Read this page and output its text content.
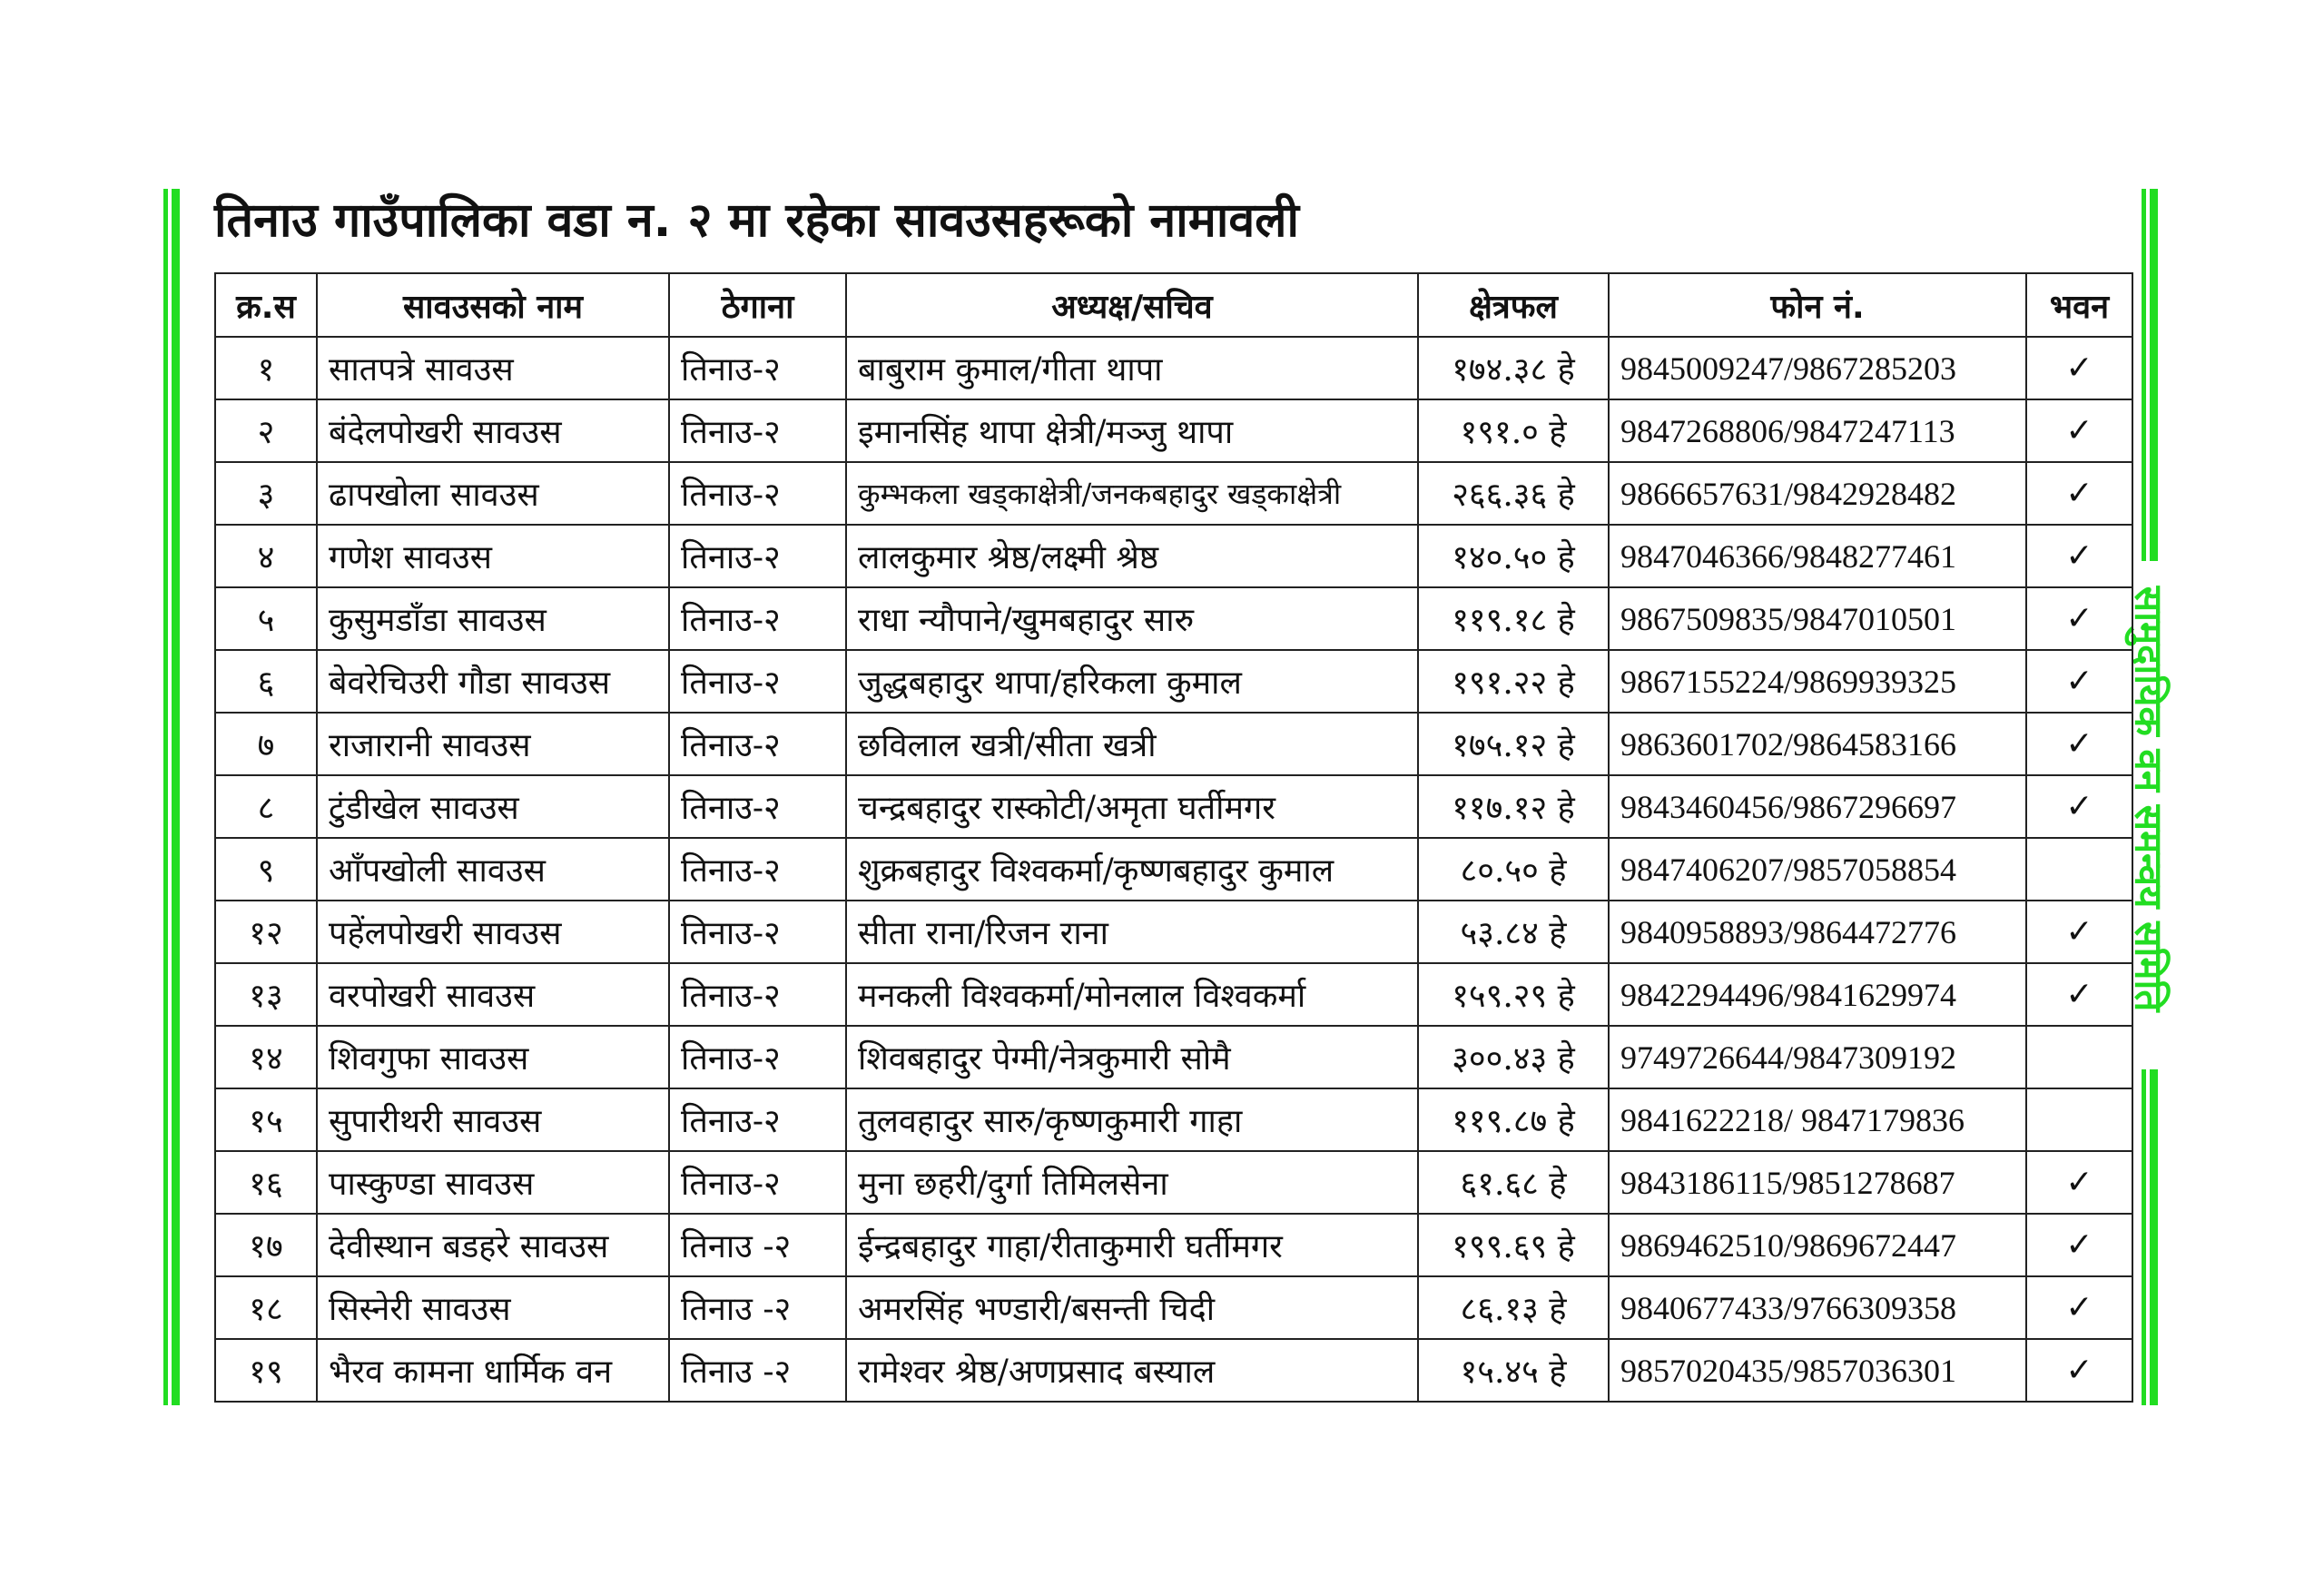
सामुदायिक वन समन्वय समिति
तिनाउ गाउँपालिका वडा न. २ मा रहेका सावउसहरूको नामावली
क्र.स	सावउसको नाम	ठेगाना	अध्यक्ष/सचिव	क्षेत्रफल	फोन नं.	भवन
१	सातपत्रे सावउस	तिनाउ-२	बाबुराम कुमाल/गीता थापा	१७४.३८ हे	9845009247/9867285203	✓
२	बंदेलपोखरी सावउस	तिनाउ-२	इमानसिंह थापा क्षेत्री/मञ्जु थापा	१९१.० हे	9847268806/9847247113	✓
३	ढापखोला सावउस	तिनाउ-२	कुम्भकला खड्काक्षेत्री/जनकबहादुर खड्काक्षेत्री	२६६.३६ हे	9866657631/9842928482	✓
४	गणेश सावउस	तिनाउ-२	लालकुमार श्रेष्ठ/लक्ष्मी श्रेष्ठ	१४०.५० हे	9847046366/9848277461	✓
५	कुसुमडाँडा सावउस	तिनाउ-२	राधा न्यौपाने/खुमबहादुर सारु	११९.१८ हे	9867509835/9847010501	✓
६	बेवरेचिउरी गौडा सावउस	तिनाउ-२	जुद्धबहादुर थापा/हरिकला कुमाल	१९१.२२ हे	9867155224/9869939325	✓
७	राजारानी सावउस	तिनाउ-२	छविलाल खत्री/सीता खत्री	१७५.१२ हे	9863601702/9864583166	✓
८	टुंडीखेल सावउस	तिनाउ-२	चन्द्रबहादुर रास्कोटी/अमृता घर्तीमगर	११७.१२ हे	9843460456/9867296697	✓
९	आँपखोली सावउस	तिनाउ-२	शुक्रबहादुर विश्वकर्मा/कृष्णबहादुर कुमाल	८०.५० हे	9847406207/9857058854	
१२	पहेंलपोखरी सावउस	तिनाउ-२	सीता राना/रिजन राना	५३.८४ हे	9840958893/9864472776	✓
१३	वरपोखरी सावउस	तिनाउ-२	मनकली विश्वकर्मा/मोनलाल विश्वकर्मा	१५९.२९ हे	9842294496/9841629974	✓
१४	शिवगुफा सावउस	तिनाउ-२	शिवबहादुर पेग्मी/नेत्रकुमारी सोमै	३००.४३ हे	9749726644/9847309192	
१५	सुपारीथरी सावउस	तिनाउ-२	तुलवहादुर सारु/कृष्णकुमारी गाहा	११९.८७ हे	9841622218/ 9847179836	
१६	पास्कुण्डा सावउस	तिनाउ-२	मुना छहरी/दुर्गा तिमिलसेना	६१.६८ हे	9843186115/9851278687	✓
१७	देवीस्थान बडहरे सावउस	तिनाउ -२	ईन्द्रबहादुर गाहा/रीताकुमारी घर्तीमगर	१९९.६९ हे	9869462510/9869672447	✓
१८	सिस्नेरी सावउस	तिनाउ -२	अमरसिंह भण्डारी/बसन्ती चिदी	८६.१३ हे	9840677433/9766309358	✓
१९	भैरव कामना धार्मिक वन	तिनाउ -२	रामेश्वर श्रेष्ठ/अणप्रसाद बस्याल	१५.४५ हे	9857020435/9857036301	✓
